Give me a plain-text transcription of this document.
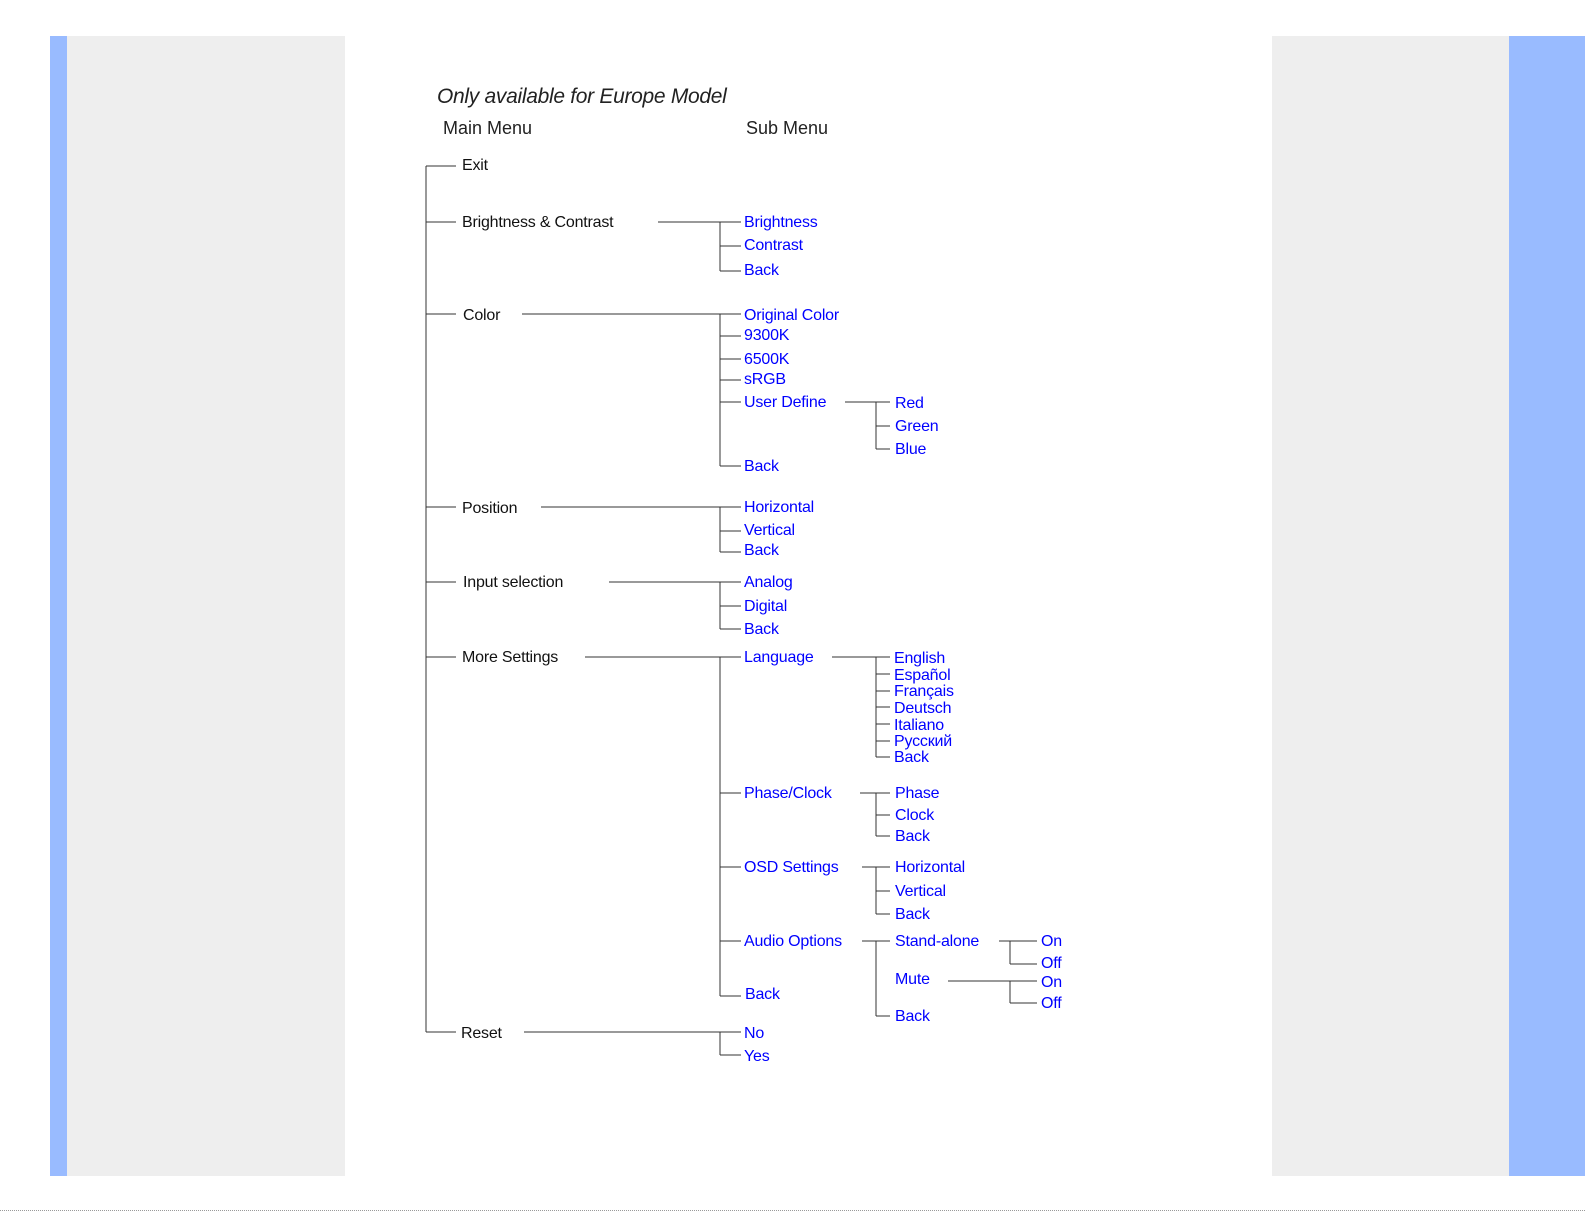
Only available for Europe Model
Main Menu	Sub Menu
Exit
Brightness & Contrast
Color
Position
Input selection
More Settings
Reset
Brightness
Contrast
Back
Original Color
9300K
6500K
sRGB
User Define
Back
Red
Green
Blue
Horizontal
Vertical
Back
Analog
Digital
Back
Language
Phase/Clock
OSD Settings
Audio Options
Back
English
Español
Français
Deutsch
Italiano
Русский
Back
Phase
Clock
Back
Horizontal
Vertical
Back
Stand-alone
Mute
Back
On
Off
On
Off
No
Yes
